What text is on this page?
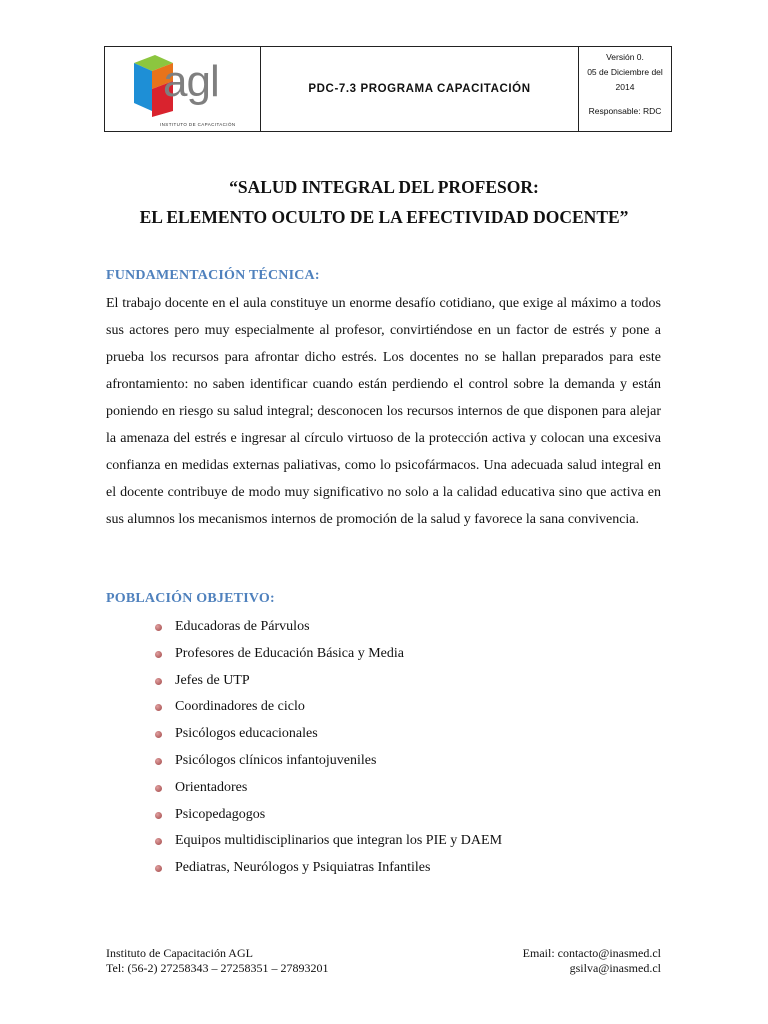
agl
INSTITUTO DE CAPACITACIÓN
PDC-7.3 PROGRAMA CAPACITACIÓN
Versión 0.
05 de Diciembre del
2014
Responsable: RDC
“SALUD INTEGRAL DEL PROFESOR:
EL ELEMENTO OCULTO DE LA EFECTIVIDAD DOCENTE”
FUNDAMENTACIÓN TÉCNICA:
El trabajo docente en el aula constituye un enorme desafío cotidiano, que exige al máximo a todos sus actores pero muy especialmente al profesor, convirtiéndose en un factor de estrés y pone a prueba los recursos para afrontar dicho estrés. Los docentes no se hallan preparados para este afrontamiento: no saben identificar cuando están perdiendo el control sobre la demanda y están poniendo en riesgo su salud integral; desconocen los recursos internos de que disponen para alejar la amenaza del estrés e ingresar al círculo virtuoso de la protección activa y colocan una excesiva confianza en medidas externas paliativas, como lo psicofármacos. Una adecuada salud integral en el docente contribuye de modo muy significativo no solo a la calidad educativa sino que activa en sus alumnos los mecanismos internos de promoción de la salud y favorece la sana convivencia.
POBLACIÓN OBJETIVO:
Educadoras de Párvulos
Profesores de Educación Básica y Media
Jefes de UTP
Coordinadores de ciclo
Psicólogos educacionales
Psicólogos clínicos infantojuveniles
Orientadores
Psicopedagogos
Equipos multidisciplinarios que integran los PIE y DAEM
Pediatras, Neurólogos y Psiquiatras Infantiles
Instituto de Capacitación AGL
Tel: (56-2) 27258343 – 27258351 – 27893201
Email: contacto@inasmed.cl
gsilva@inasmed.cl
